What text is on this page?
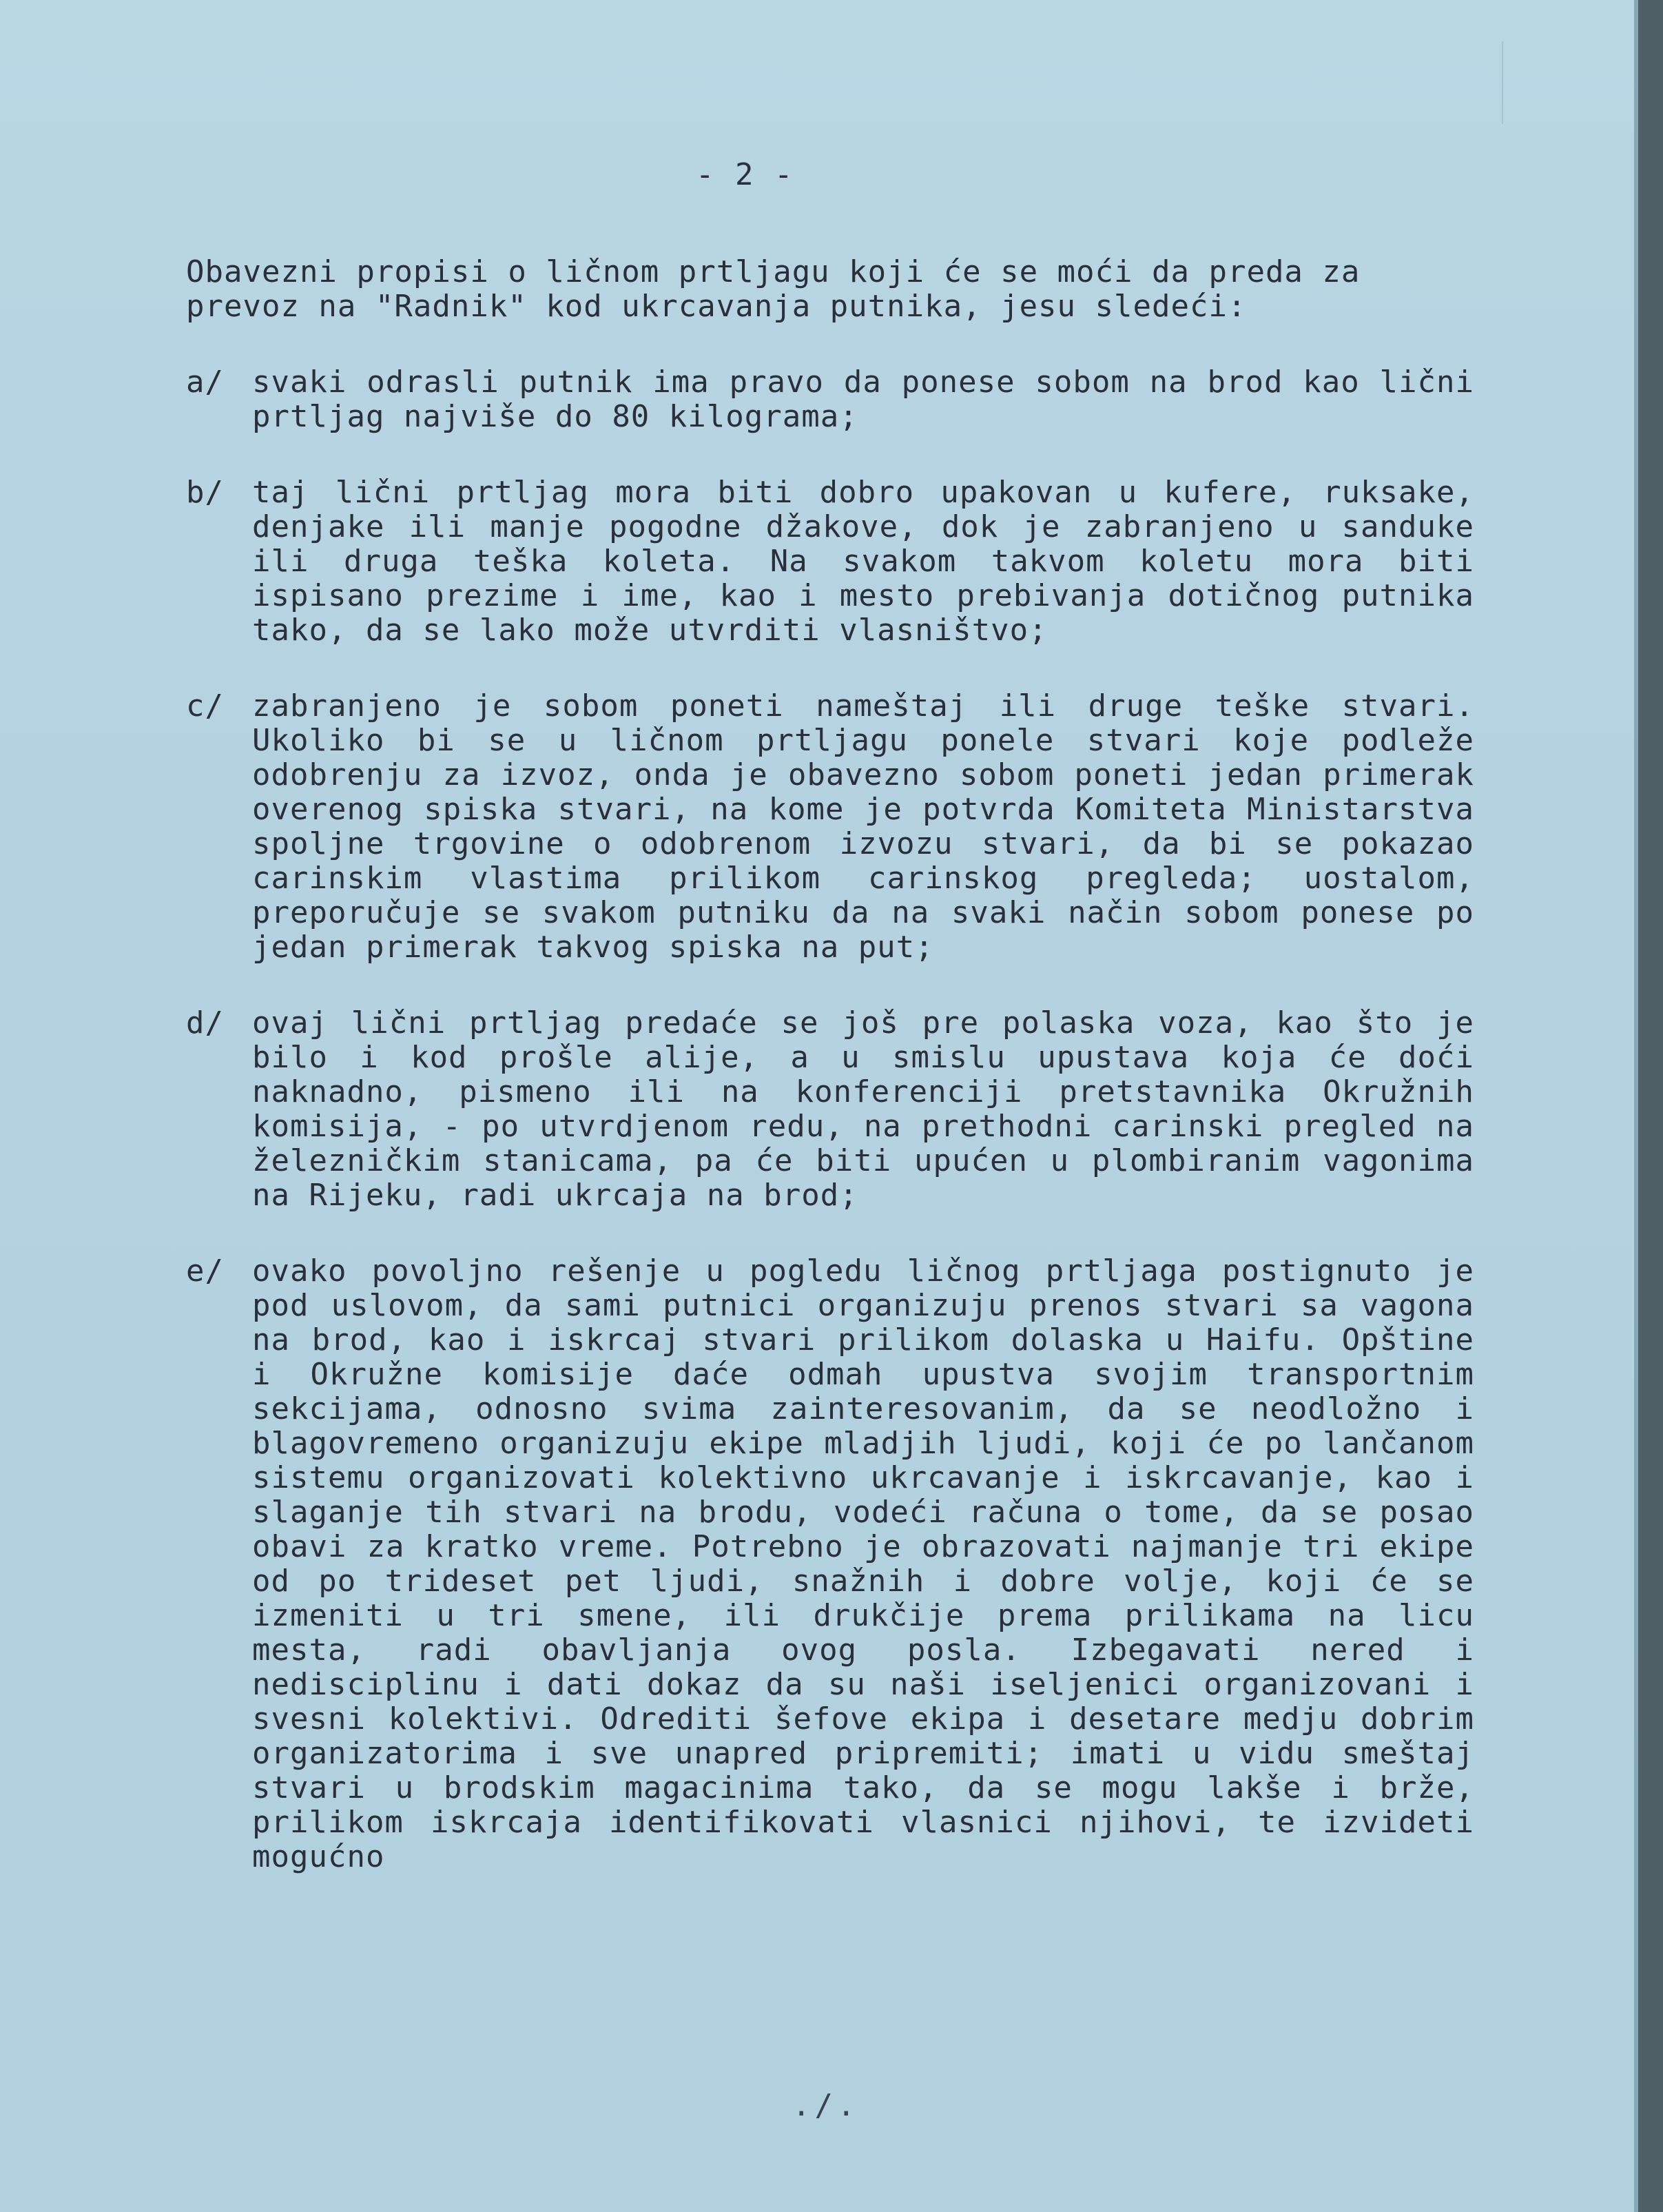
- 2 -

Obavezni propisi o ličnom prtljagu koji će se moći da preda za prevoz na "Radnik" kod ukrcavanja putnika, jesu sledeći:

a/ svaki odrasli putnik ima pravo da ponese sobom na brod kao lični prtljag najviše do 80 kilograma;

b/ taj lični prtljag mora biti dobro upakovan u kufere, ruksake, denjake ili manje pogodne džakove, dok je zabranjeno u sanduke ili druga teška koleta. Na svakom takvom koletu mora biti ispisano prezime i ime, kao i mesto prebivanja dotičnog putnika tako, da se lako može utvrditi vlasništvo;

c/ zabranjeno je sobom poneti nameštaj ili druge teške stvari. Ukoliko bi se u ličnom prtljagu ponele stvari koje podleže odobrenju za izvoz, onda je obavezno sobom poneti jedan primerak overenog spiska stvari, na kome je potvrda Komiteta Ministarstva spoljne trgovine o odobrenom izvozu stvari, da bi se pokazao carinskim vlastima prilikom carinskog pregleda; uostalom, preporučuje se svakom putniku da na svaki način sobom ponese po jedan primerak takvog spiska na put;

d/ ovaj lični prtljag predaće se još pre polaska voza, kao što je bilo i kod prošle alije, a u smislu upustava koja će doći naknadno, pismeno ili na konferenciji pretstavnika Okružnih komisija, - po utvrdjenom redu, na prethodni carinski pregled na železničkim stanicama, pa će biti upućen u plombiranim vagonima na Rijeku, radi ukrcaja na brod;

e/ ovako povoljno rešenje u pogledu ličnog prtljaga postignuto je pod uslovom, da sami putnici organizuju prenos stvari sa vagona na brod, kao i iskrcaj stvari prilikom dolaska u Haifu. Opštine i Okružne komisije daće odmah upustva svojim transportnim sekcijama, odnosno svima zainteresovanim, da se neodložno i blagovremeno organizuju ekipe mladjih ljudi, koji će po lančanom sistemu organizovati kolektivno ukrcavanje i iskrcavanje, kao i slaganje tih stvari na brodu, vodeći računa o tome, da se posao obavi za kratko vreme. Potrebno je obrazovati najmanje tri ekipe od po trideset pet ljudi, snažnih i dobre volje, koji će se izmeniti u tri smene, ili drukčije prema prilikama na licu mesta, radi obavljanja ovog posla. Izbegavati nered i nedisciplinu i dati dokaz da su naši iseljenici organizovani i svesni kolektivi. Odrediti šefove ekipa i desetare medju dobrim organizatorima i sve unapred pripremiti; imati u vidu smeštaj stvari u brodskim magacinima tako, da se mogu lakše i brže, prilikom iskrcaja identifikovati vlasnici njihovi, te izvideti mogućno

./.
